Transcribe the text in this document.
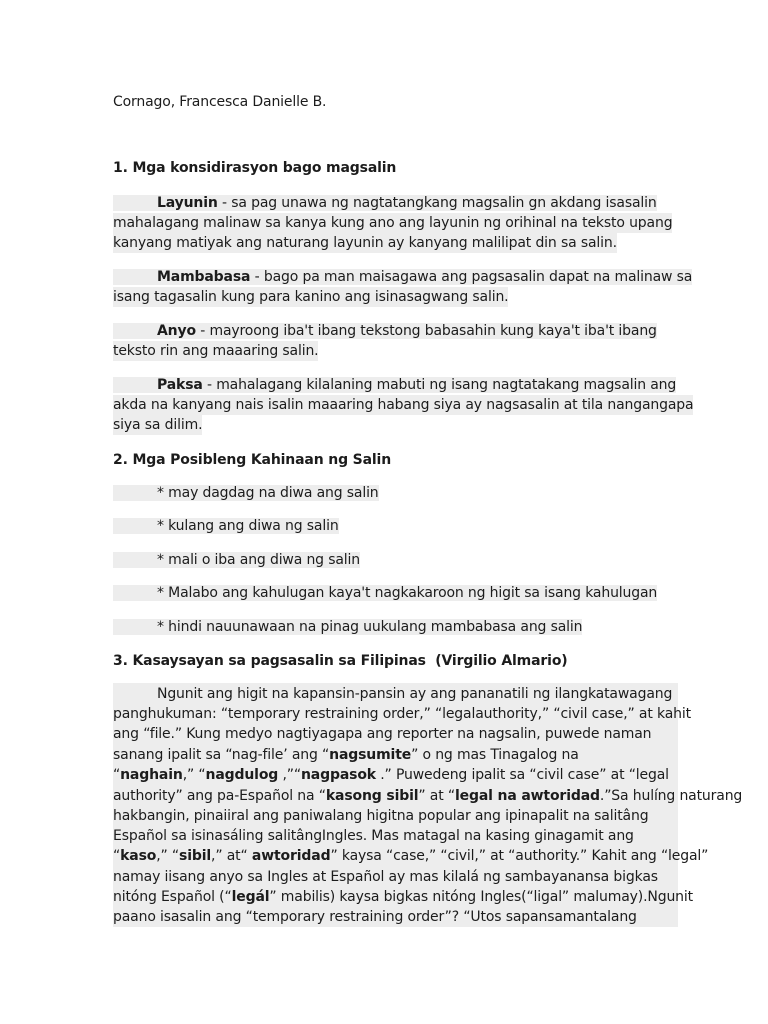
Cornago, Francesca Danielle B.
1. Mga konsidirasyon bago magsalin
Layunin - sa pag unawa ng nagtatangkang magsalin gn akdang isasalin
mahalagang malinaw sa kanya kung ano ang layunin ng orihinal na teksto upang
kanyang matiyak ang naturang layunin ay kanyang malilipat din sa salin.
Mambabasa - bago pa man maisagawa ang pagsasalin dapat na malinaw sa
isang tagasalin kung para kanino ang isinasagwang salin.
Anyo - mayroong iba't ibang tekstong babasahin kung kaya't iba't ibang
teksto rin ang maaaring salin.
Paksa - mahalagang kilalaning mabuti ng isang nagtatakang magsalin ang
akda na kanyang nais isalin maaaring habang siya ay nagsasalin at tila nangangapa
siya sa dilim.
2. Mga Posibleng Kahinaan ng Salin
* may dagdag na diwa ang salin
* kulang ang diwa ng salin
* mali o iba ang diwa ng salin
* Malabo ang kahulugan kaya't nagkakaroon ng higit sa isang kahulugan
* hindi nauunawaan na pinag uukulang mambabasa ang salin
3. Kasaysayan sa pagsasalin sa Filipinas  (Virgilio Almario)
Ngunit ang higit na kapansin-pansin ay ang pananatili ng ilangkatawagang
panghukuman: “temporary restraining order,” “legalauthority,” “civil case,” at kahit
ang “file.” Kung medyo nagtiyagapa ang reporter na nagsalin, puwede naman
sanang ipalit sa “nag-file’ ang “nagsumite” o ng mas Tinagalog na
“naghain,” “nagdulog ,”“nagpasok .” Puwedeng ipalit sa “civil case” at “legal
authority” ang pa-Español na “kasong sibil” at “legal na awtoridad.”Sa hulíng naturang
hakbangin, pinaiiral ang paniwalang higitna popular ang ipinapalit na salitâng
Español sa isinasáling salitângIngles. Mas matagal na kasing ginagamit ang
“kaso,” “sibil,” at“ awtoridad” kaysa “case,” “civil,” at “authority.” Kahit ang “legal”
namay iisang anyo sa Ingles at Español ay mas kilalá ng sambayanansa bigkas
nitóng Español (“legál” mabilis) kaysa bigkas nitóng Ingles(“ligal” malumay).Ngunit
paano isasalin ang “temporary restraining order”? “Utos sapansamantalang
